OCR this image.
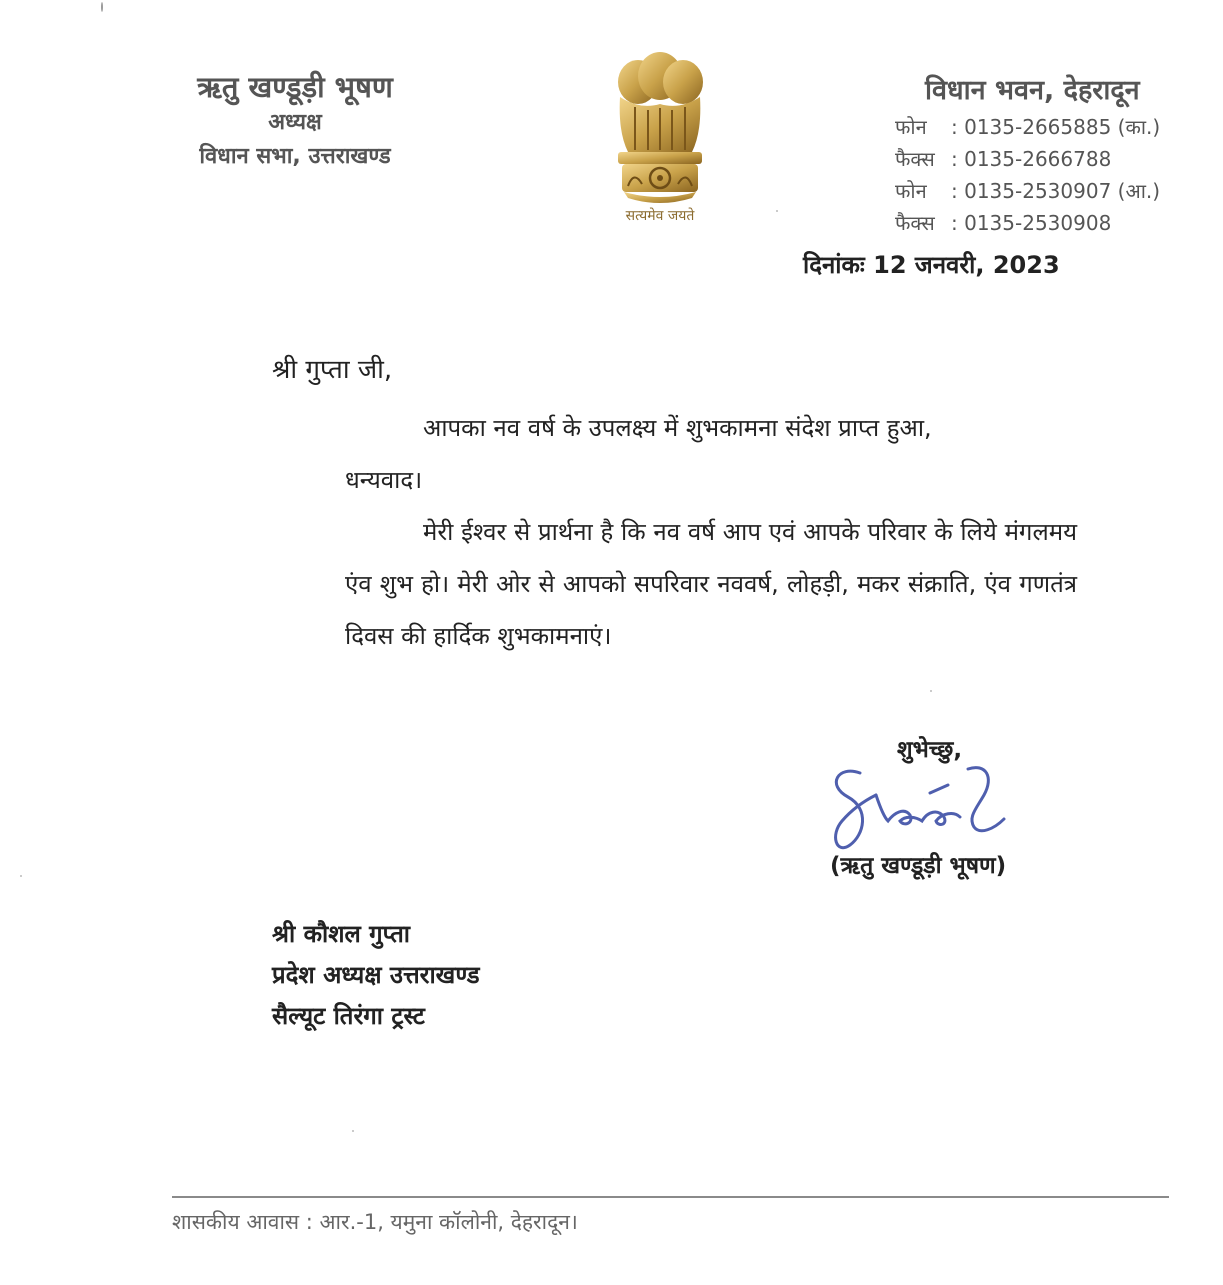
ऋतु खण्डूड़ी भूषण
अध्यक्ष
विधान सभा, उत्तराखण्ड
सत्यमेव जयते
विधान भवन, देहरादून
फोन : 0135-2665885 (का.)
फैक्स : 0135-2666788
फोन : 0135-2530907 (आ.)
फैक्स : 0135-2530908
दिनांकः 12 जनवरी, 2023
श्री गुप्ता जी,

आपका नव वर्ष के उपलक्ष्य में शुभकामना संदेश प्राप्त हुआ,

धन्यवाद।

मेरी ईश्वर से प्रार्थना है कि नव वर्ष आप एवं आपके परिवार के लिये मंगलमय एंव शुभ हो। मेरी ओर से आपको सपरिवार नववर्ष, लोहड़ी, मकर संक्राति, एंव गणतंत्र दिवस की हार्दिक शुभकामनाएं।

शुभेच्छु,
(ऋतु खण्डूड़ी भूषण)
श्री कौशल गुप्ता
प्रदेश अध्यक्ष उत्तराखण्ड
सैल्यूट तिरंगा ट्रस्ट
शासकीय आवास : आर.-1, यमुना कॉलोनी, देहरादून।
